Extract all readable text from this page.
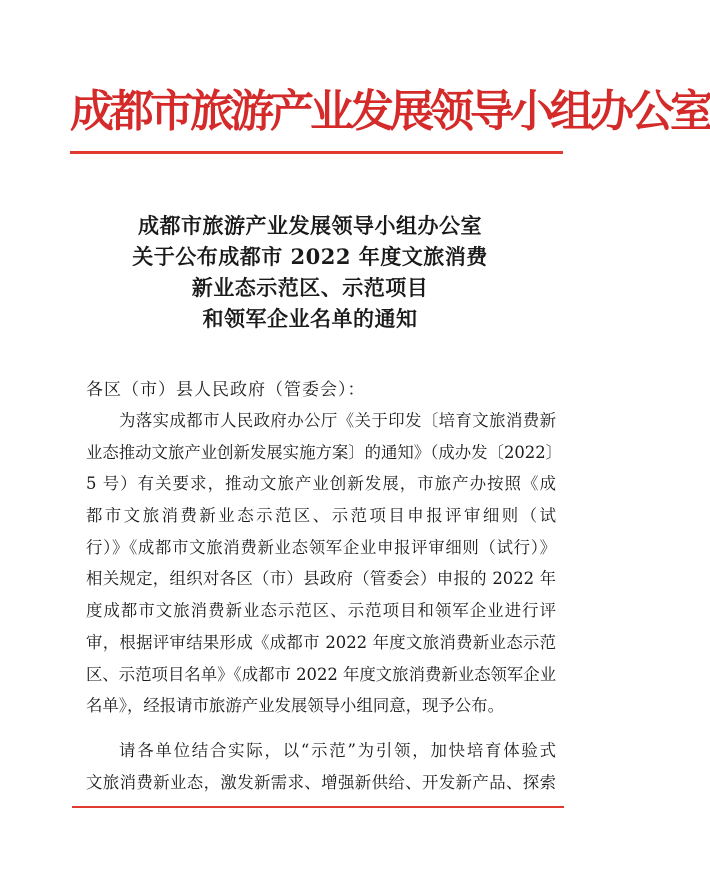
成都市旅游产业发展领导小组办公室
成都市旅游产业发展领导小组办公室
关于公布成都市 2022 年度文旅消费
新业态示范区、示范项目
和领军企业名单的通知
各区（市）县人民政府（管委会）：
为落实成都市人民政府办公厅《关于印发〔培育文旅消费新
业态推动文旅产业创新发展实施方案〕的通知》（成办发〔2022〕
5 号）有关要求，推动文旅产业创新发展，市旅产办按照《成
都市文旅消费新业态示范区、示范项目申报评审细则（试
行）》《成都市文旅消费新业态领军企业申报评审细则（试行）》
相关规定，组织对各区（市）县政府（管委会）申报的 2022 年
度成都市文旅消费新业态示范区、示范项目和领军企业进行评
审，根据评审结果形成《成都市 2022 年度文旅消费新业态示范
区、示范项目名单》《成都市 2022 年度文旅消费新业态领军企业
名单》，经报请市旅游产业发展领导小组同意，现予公布。
请各单位结合实际，以“示范”为引领，加快培育体验式
文旅消费新业态，激发新需求、增强新供给、开发新产品、探索
